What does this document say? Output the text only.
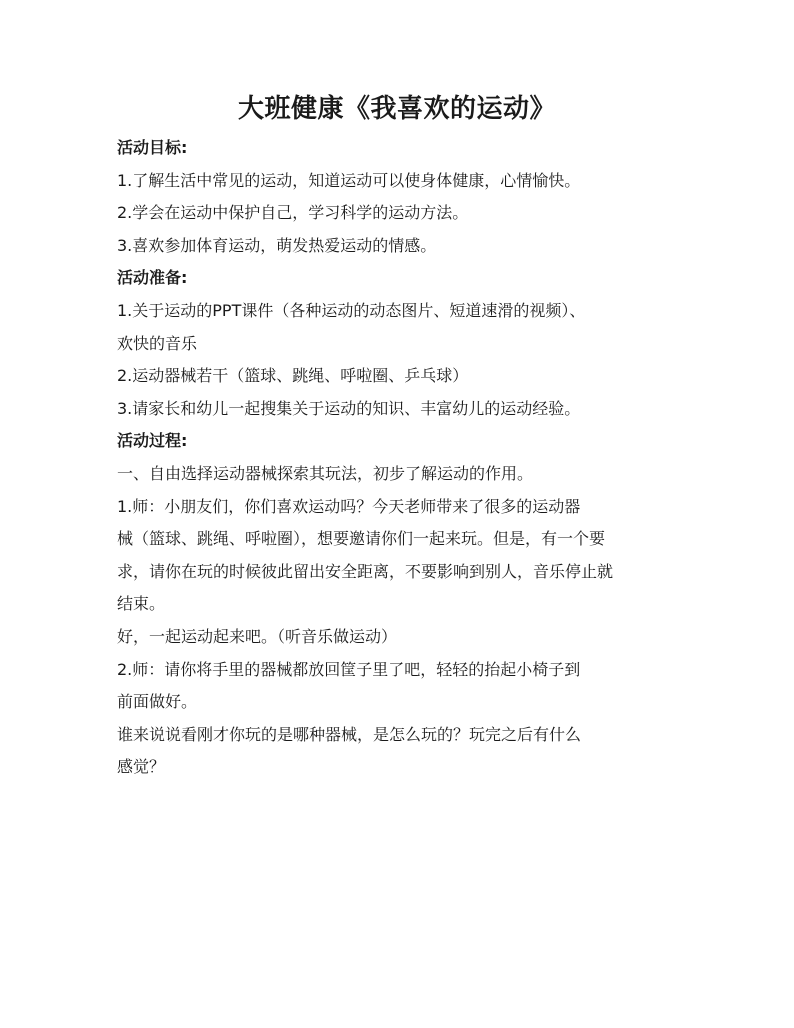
大班健康《我喜欢的运动》

活动目标:

1.了解生活中常见的运动，知道运动可以使身体健康，心情愉快。

2.学会在运动中保护自己，学习科学的运动方法。

3.喜欢参加体育运动，萌发热爱运动的情感。

活动准备:

1.关于运动的PPT课件（各种运动的动态图片、短道速滑的视频）、

欢快的音乐

2.运动器械若干（篮球、跳绳、呼啦圈、乒乓球）

3.请家长和幼儿一起搜集关于运动的知识、丰富幼儿的运动经验。

活动过程:

一、自由选择运动器械探索其玩法，初步了解运动的作用。

1.师：小朋友们，你们喜欢运动吗？今天老师带来了很多的运动器

械（篮球、跳绳、呼啦圈），想要邀请你们一起来玩。但是，有一个要

求，请你在玩的时候彼此留出安全距离，不要影响到别人，音乐停止就

结束。

好，一起运动起来吧。（听音乐做运动）

2.师：请你将手里的器械都放回筐子里了吧，轻轻的抬起小椅子到

前面做好。

谁来说说看刚才你玩的是哪种器械，是怎么玩的？玩完之后有什么

感觉？
